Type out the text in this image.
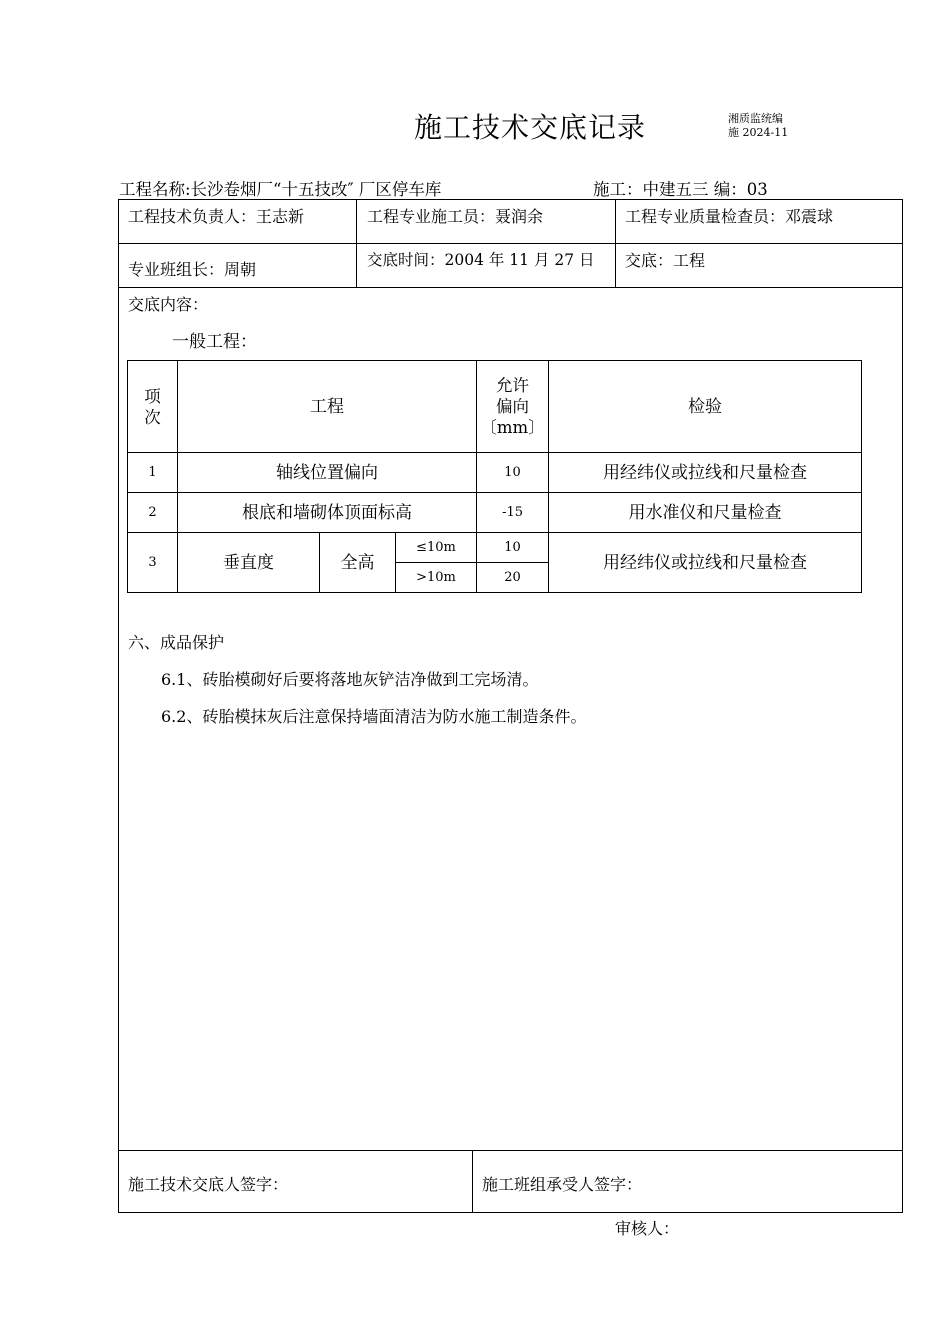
施工技术交底记录	湘质监统编
施 2024-11
工程名称:长沙卷烟厂“十五技改″ 厂区停车库	施工：中建五三 编：03
工程技术负责人：王志新	工程专业施工员：聂润余	工程专业质量检查员：邓震球
专业班组长：周朝	交底时间：2004 年 11 月 27 日 交底：工程
交底内容：
一般工程：
项
次	工程			允许
偏向
〔mm〕	检验
1	轴线位置偏向			10	用经纬仪或拉线和尺量检查
2	根底和墙砌体顶面标高			-15	用水准仪和尺量检查
3	垂直度	全高	≤10m	10	用经纬仪或拉线和尺量检查
			>10m	20	
六、成品保护
6.1、砖胎模砌好后要将落地灰铲洁净做到工完场清。
6.2、砖胎模抹灰后注意保持墙面清洁为防水施工制造条件。
施工技术交底人签字：	施工班组承受人签字：
审核人：
